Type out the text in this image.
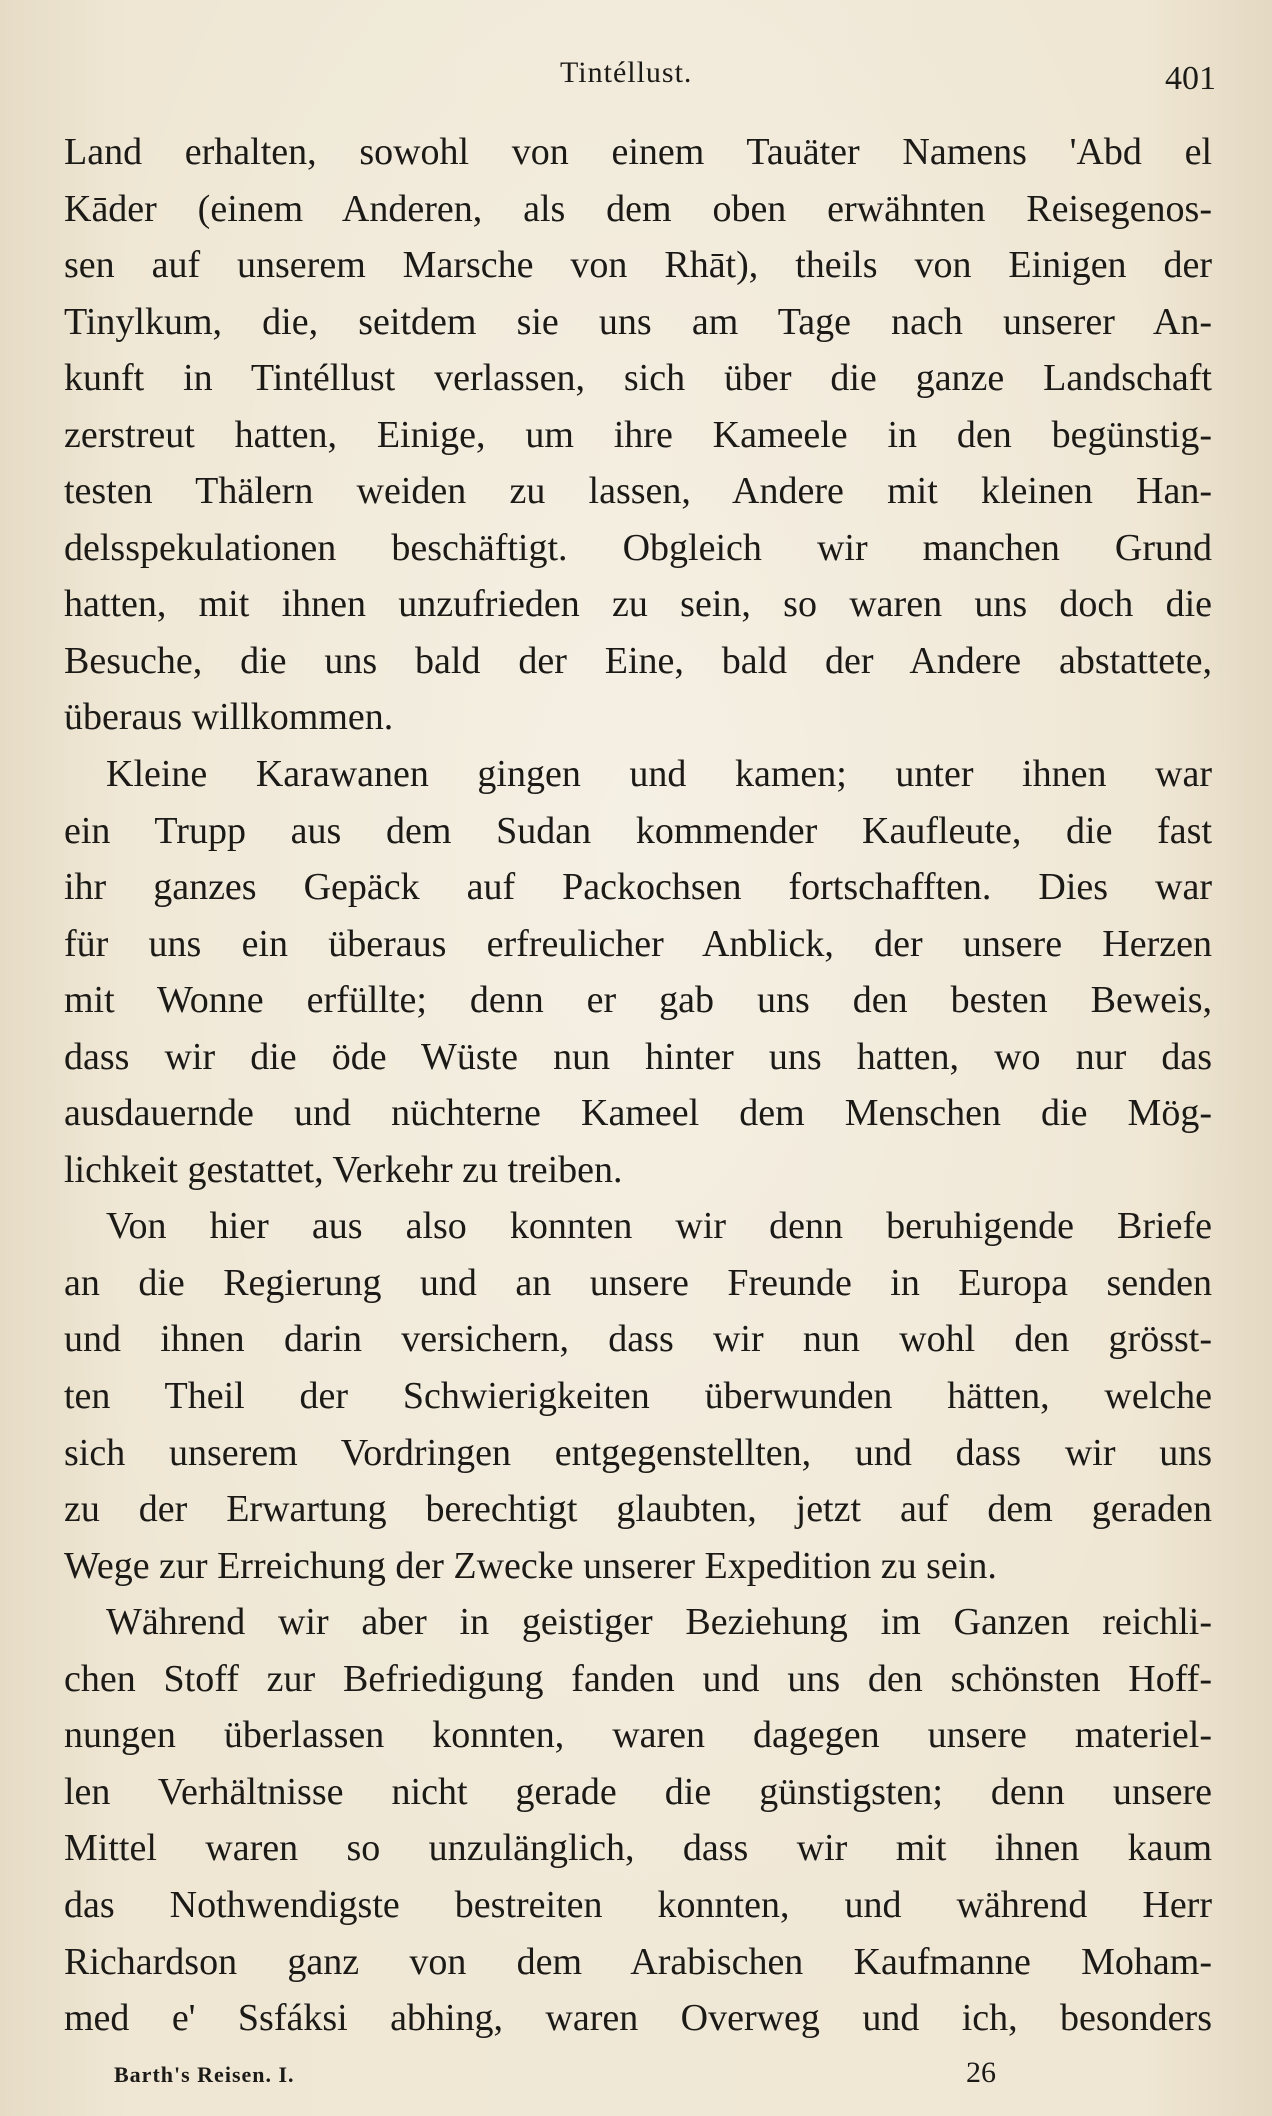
Tintéllust.	401
Land erhalten, sowohl von einem Tauäter Namens 'Abd el
Kāder (einem Anderen, als dem oben erwähnten Reisegenos-
sen auf unserem Marsche von Rhāt), theils von Einigen der
Tinylkum, die, seitdem sie uns am Tage nach unserer An-
kunft in Tintéllust verlassen, sich über die ganze Landschaft
zerstreut hatten, Einige, um ihre Kameele in den begünstig-
testen Thälern weiden zu lassen, Andere mit kleinen Han-
delsspekulationen beschäftigt. Obgleich wir manchen Grund
hatten, mit ihnen unzufrieden zu sein, so waren uns doch die
Besuche, die uns bald der Eine, bald der Andere abstattete,
überaus willkommen.
Kleine Karawanen gingen und kamen; unter ihnen war
ein Trupp aus dem Sudan kommender Kaufleute, die fast
ihr ganzes Gepäck auf Packochsen fortschafften. Dies war
für uns ein überaus erfreulicher Anblick, der unsere Herzen
mit Wonne erfüllte; denn er gab uns den besten Beweis,
dass wir die öde Wüste nun hinter uns hatten, wo nur das
ausdauernde und nüchterne Kameel dem Menschen die Mög-
lichkeit gestattet, Verkehr zu treiben.
Von hier aus also konnten wir denn beruhigende Briefe
an die Regierung und an unsere Freunde in Europa senden
und ihnen darin versichern, dass wir nun wohl den grösst-
ten Theil der Schwierigkeiten überwunden hätten, welche
sich unserem Vordringen entgegenstellten, und dass wir uns
zu der Erwartung berechtigt glaubten, jetzt auf dem geraden
Wege zur Erreichung der Zwecke unserer Expedition zu sein.
Während wir aber in geistiger Beziehung im Ganzen reichli-
chen Stoff zur Befriedigung fanden und uns den schönsten Hoff-
nungen überlassen konnten, waren dagegen unsere materiel-
len Verhältnisse nicht gerade die günstigsten; denn unsere
Mittel waren so unzulänglich, dass wir mit ihnen kaum
das Nothwendigste bestreiten konnten, und während Herr
Richardson ganz von dem Arabischen Kaufmanne Moham-
med e' Ssfáksi abhing, waren Overweg und ich, besonders
Barth's Reisen. I.	26
